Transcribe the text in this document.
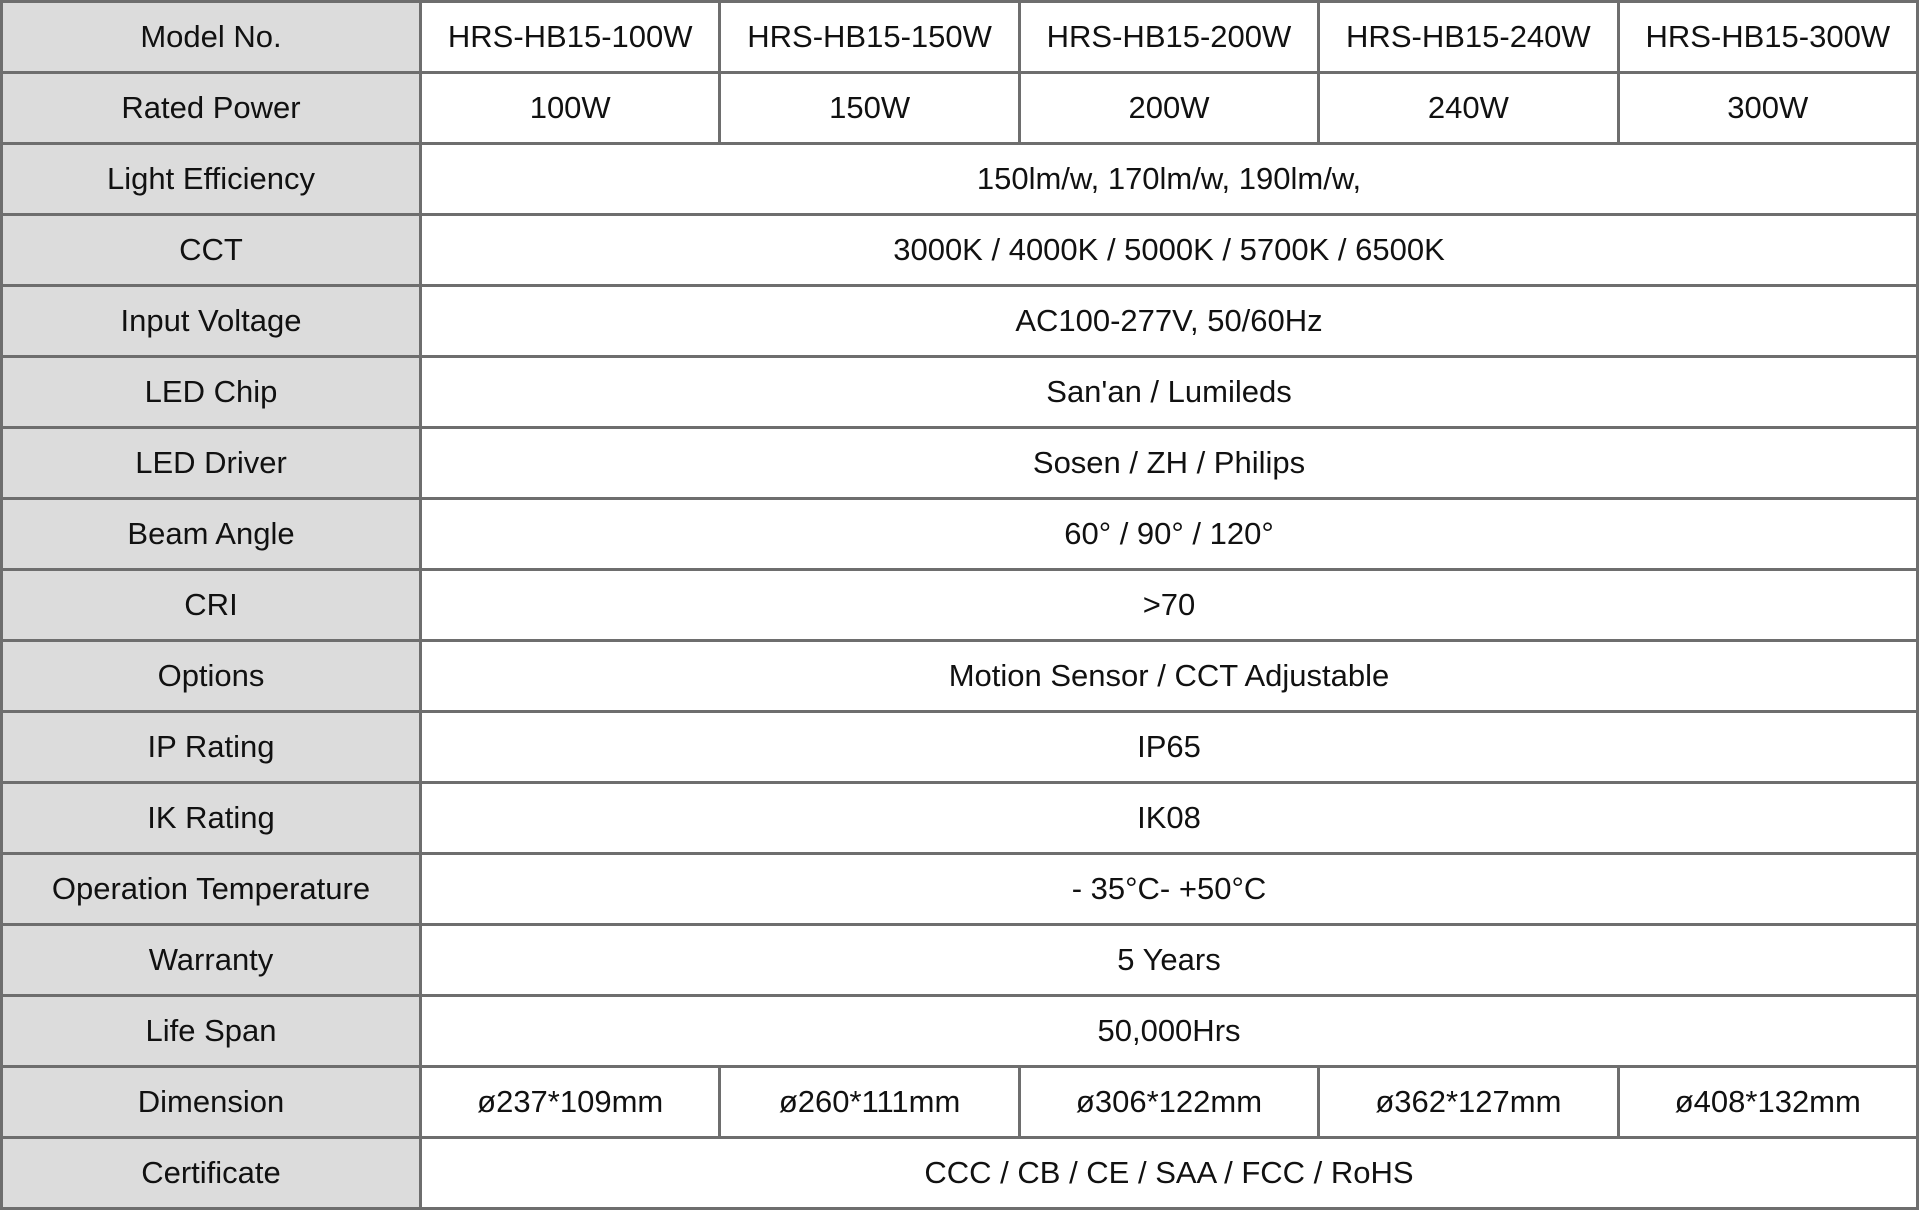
Model No.	HRS-HB15-100W	HRS-HB15-150W	HRS-HB15-200W	HRS-HB15-240W	HRS-HB15-300W
Rated Power	100W	150W	200W	240W	300W
Light Efficiency	150lm/w, 170lm/w, 190lm/w,				
CCT	3000K / 4000K / 5000K / 5700K / 6500K				
Input Voltage	AC100-277V, 50/60Hz				
LED Chip	San'an / Lumileds				
LED Driver	Sosen / ZH / Philips				
Beam Angle	60° / 90° / 120°				
CRI	>70				
Options	Motion Sensor / CCT Adjustable				
IP Rating	IP65				
IK Rating	IK08				
Operation Temperature	- 35°C- +50°C				
Warranty	5 Years				
Life Span	50,000Hrs				
Dimension	ø237*109mm	ø260*111mm	ø306*122mm	ø362*127mm	ø408*132mm
Certificate	CCC / CB / CE / SAA / FCC / RoHS				
